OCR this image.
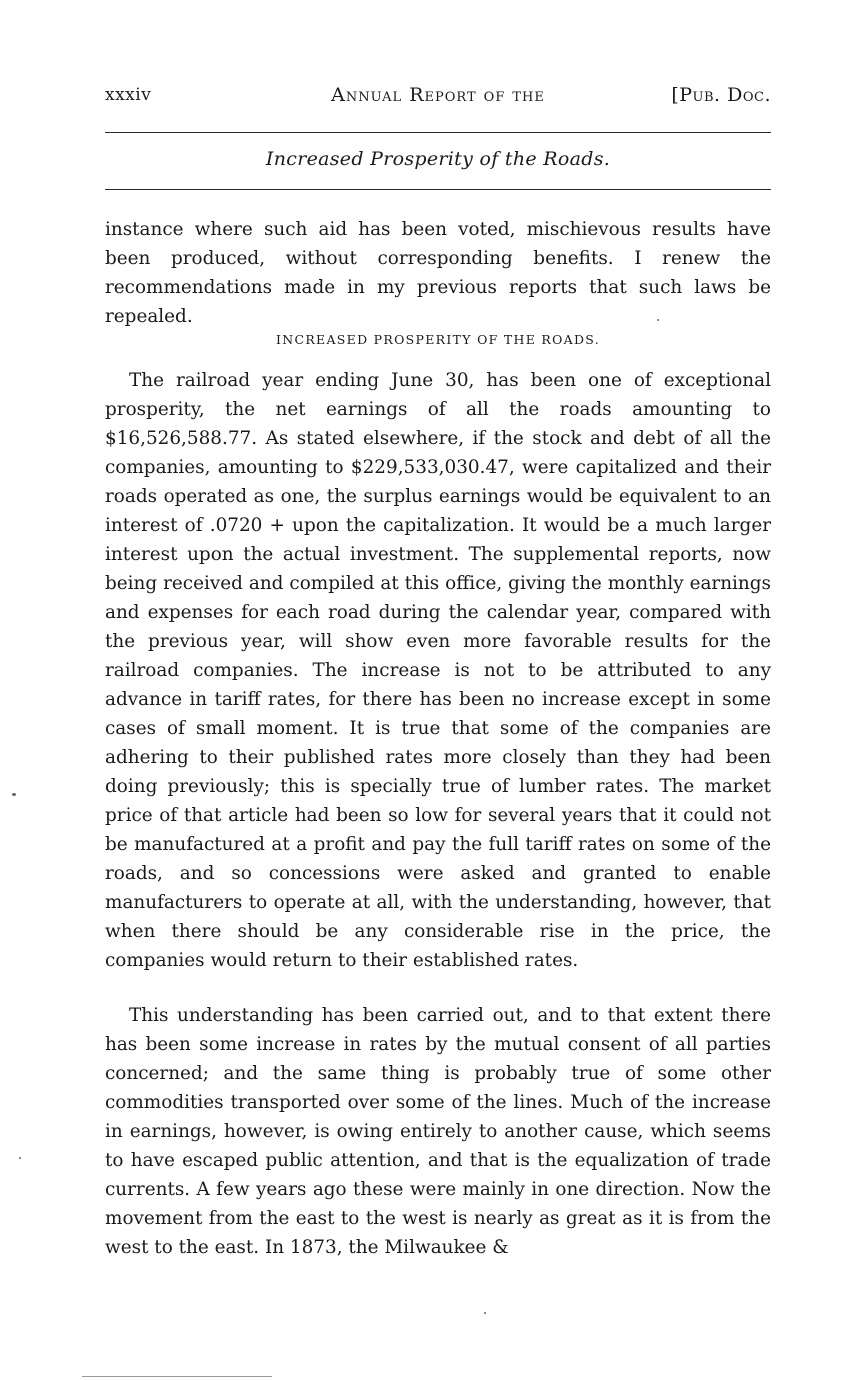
xxxiv	Annual Report of the	[Pub. Doc.
Increased Prosperity of the Roads.

instance where such aid has been voted, mischievous results have been produced, without corresponding benefits. I renew the recommendations made in my previous reports that such laws be repealed.

INCREASED PROSPERITY OF THE ROADS.

The railroad year ending June 30, has been one of exceptional prosperity, the net earnings of all the roads amounting to $16,526,588.77. As stated elsewhere, if the stock and debt of all the companies, amounting to $229,533,030.47, were capitalized and their roads operated as one, the surplus earnings would be equivalent to an interest of .0720 + upon the capitalization. It would be a much larger interest upon the actual investment. The supplemental reports, now being received and compiled at this office, giving the monthly earnings and expenses for each road during the calendar year, compared with the previous year, will show even more favorable results for the railroad companies. The increase is not to be attributed to any advance in tariff rates, for there has been no increase except in some cases of small moment. It is true that some of the companies are adhering to their published rates more closely than they had been doing previously; this is specially true of lumber rates. The market price of that article had been so low for several years that it could not be manufactured at a profit and pay the full tariff rates on some of the roads, and so concessions were asked and granted to enable manufacturers to operate at all, with the understanding, however, that when there should be any considerable rise in the price, the companies would return to their established rates.

This understanding has been carried out, and to that extent there has been some increase in rates by the mutual consent of all parties concerned; and the same thing is probably true of some other commodities transported over some of the lines. Much of the increase in earnings, however, is owing entirely to another cause, which seems to have escaped public attention, and that is the equalization of trade currents. A few years ago these were mainly in one direction. Now the movement from the east to the west is nearly as great as it is from the west to the east. In 1873, the Milwaukee &
